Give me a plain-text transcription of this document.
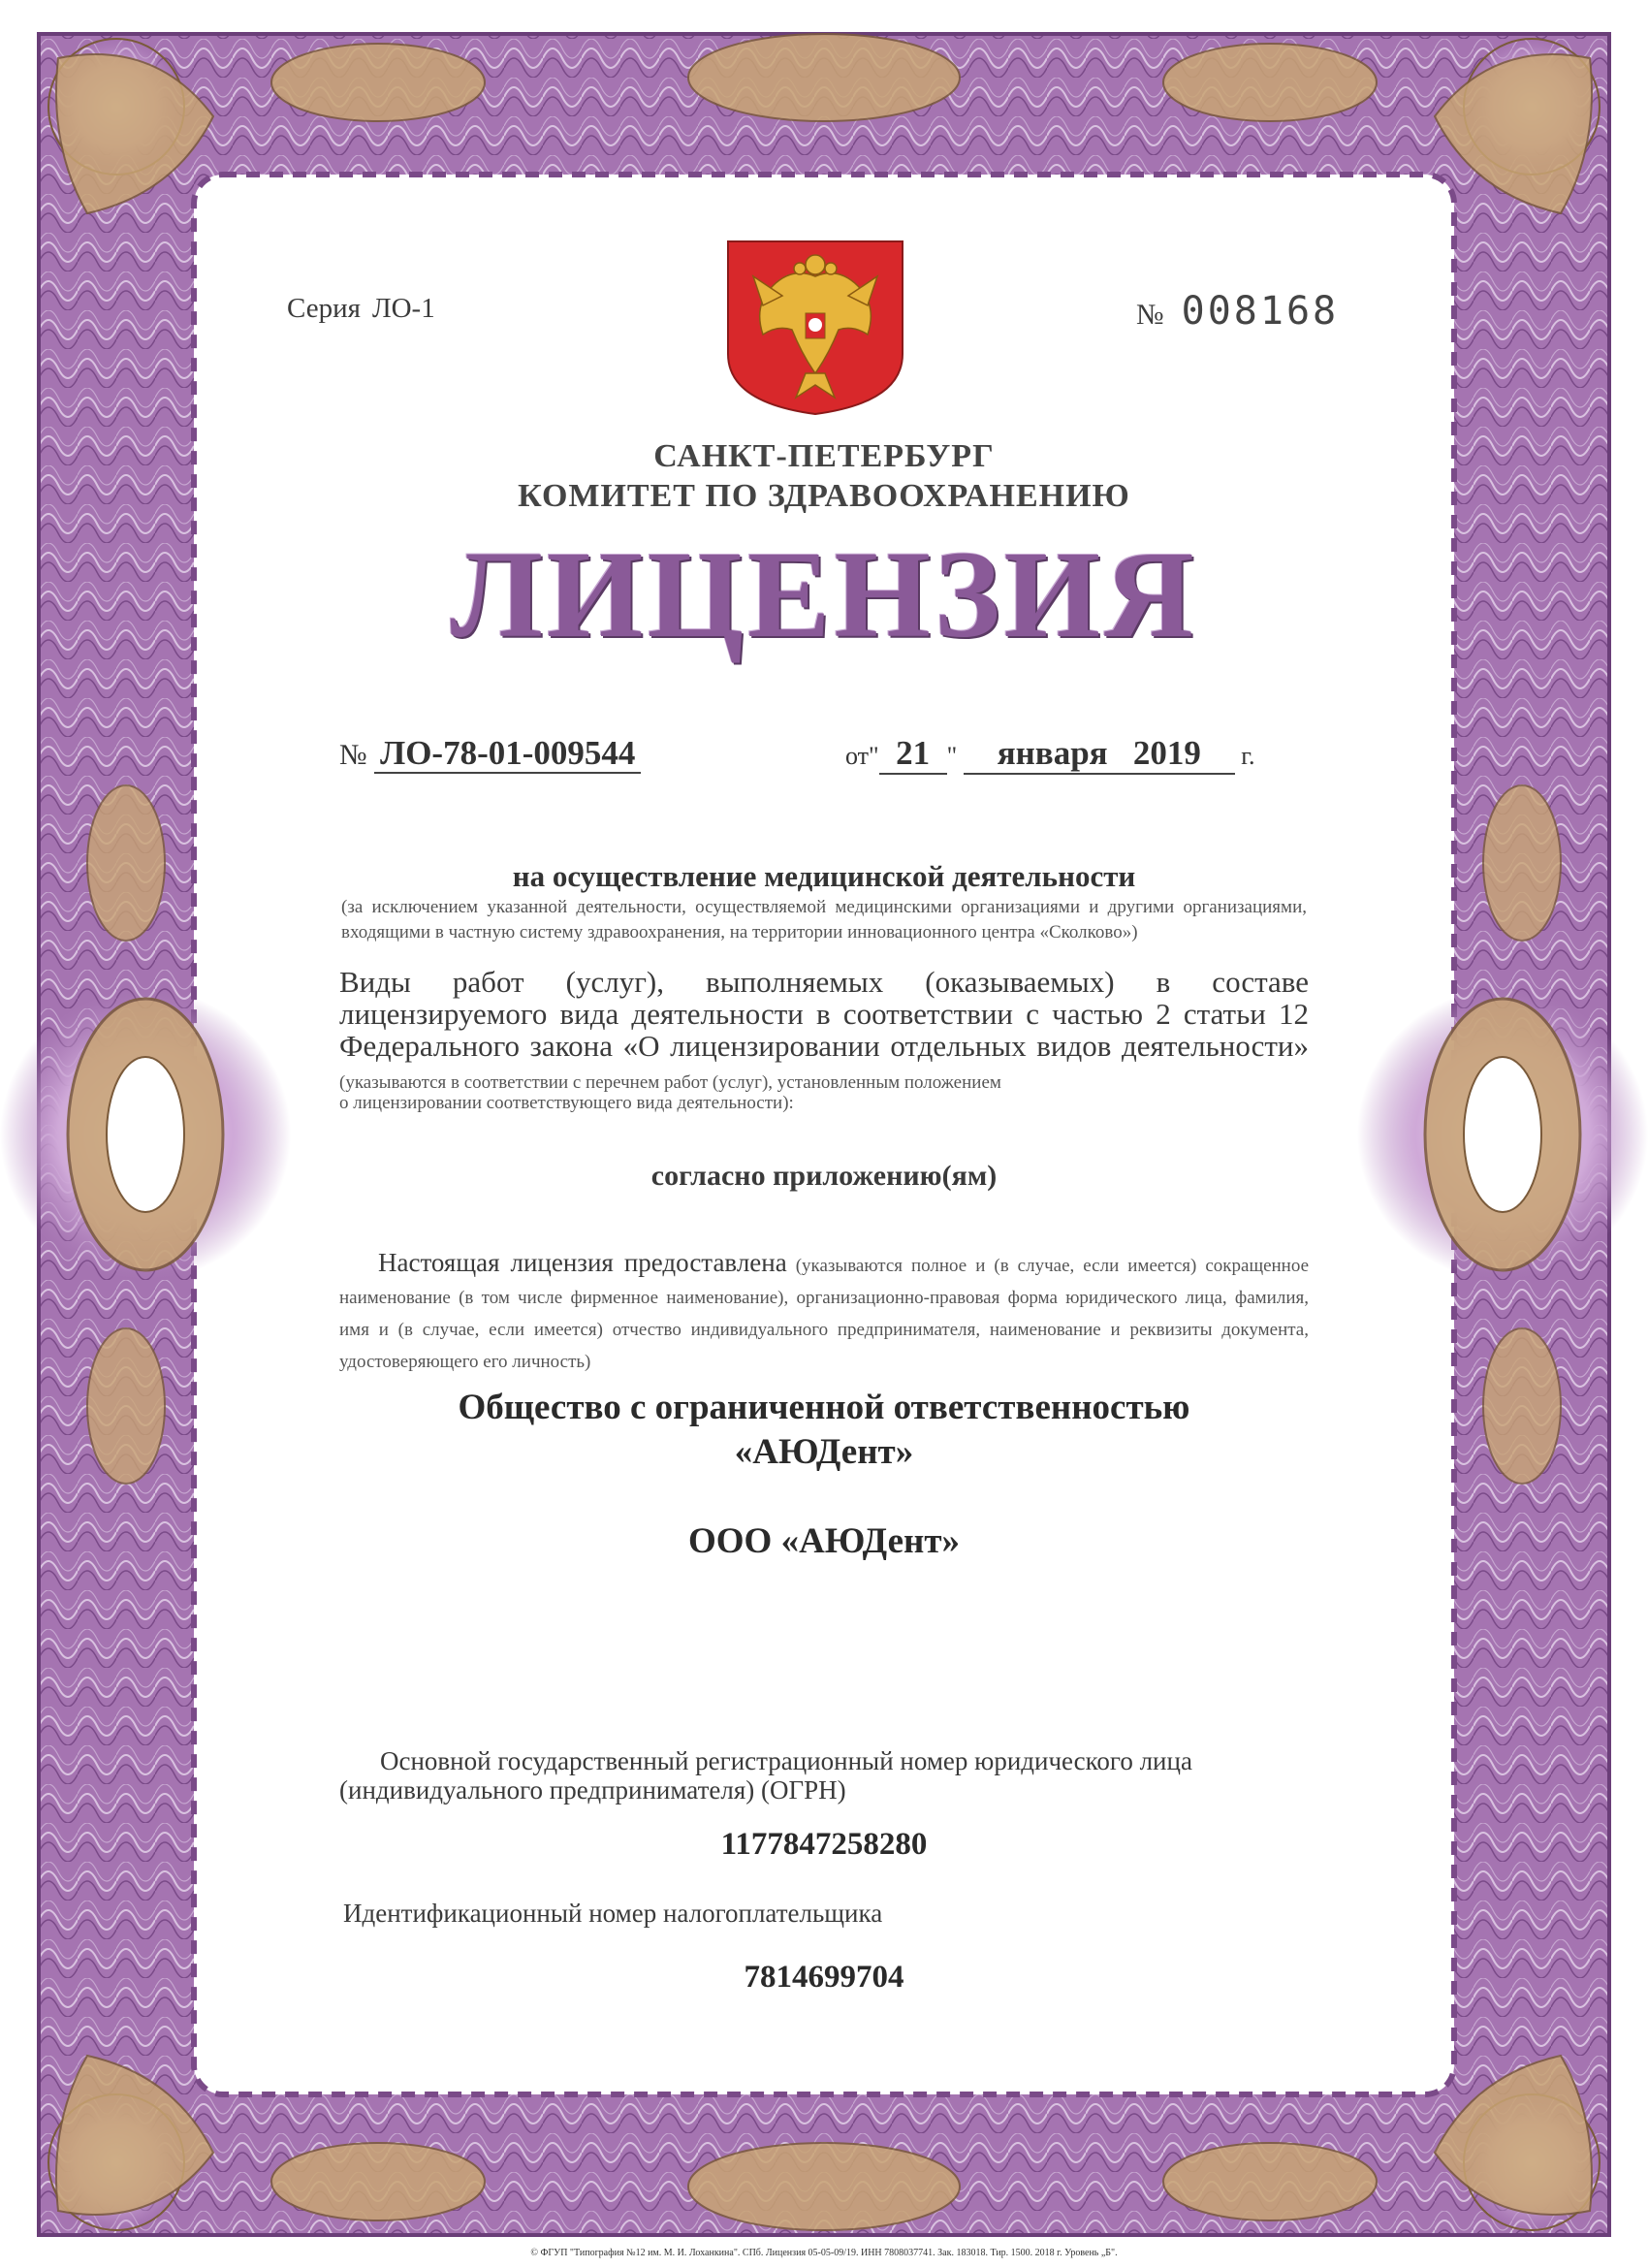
Серия ЛО-1	№ 008168
САНКТ-ПЕТЕРБУРГ
КОМИТЕТ ПО ЗДРАВООХРАНЕНИЮ
ЛИЦЕНЗИЯ
№ ЛО-78-01-009544	от" 21 " января   2019 г.
на осуществление медицинской деятельности
(за исключением указанной деятельности, осуществляемой медицинскими организациями и другими организациями, входящими в частную систему здравоохранения, на территории инновационного центра «Сколково»)
Виды работ (услуг), выполняемых (оказываемых) в составе лицензируемого вида деятельности в соответствии с частью 2 статьи 12 Федерального закона «О лицензировании отдельных видов деятельности» (указываются в соответствии с перечнем работ (услуг), установленным положением
о лицензировании соответствующего вида деятельности):
согласно приложению(ям)
Настоящая лицензия предоставлена (указываются полное и (в случае, если имеется) сокращенное наименование (в том числе фирменное наименование), организационно-правовая форма юридического лица, фамилия, имя и (в случае, если имеется) отчество индивидуального предпринимателя, наименование и реквизиты документа, удостоверяющего его личность)
Общество с ограниченной ответственностью
«АЮДент»
ООО «АЮДент»
Основной государственный регистрационный номер юридического лица
(индивидуального предпринимателя) (ОГРН)
1177847258280
Идентификационный номер налогоплательщика
7814699704
© ФГУП "Типография №12 им. М. И. Лоханкина". СПб. Лицензия 05-05-09/19. ИНН 7808037741. Зак. 183018. Тир. 1500. 2018 г. Уровень „Б".
